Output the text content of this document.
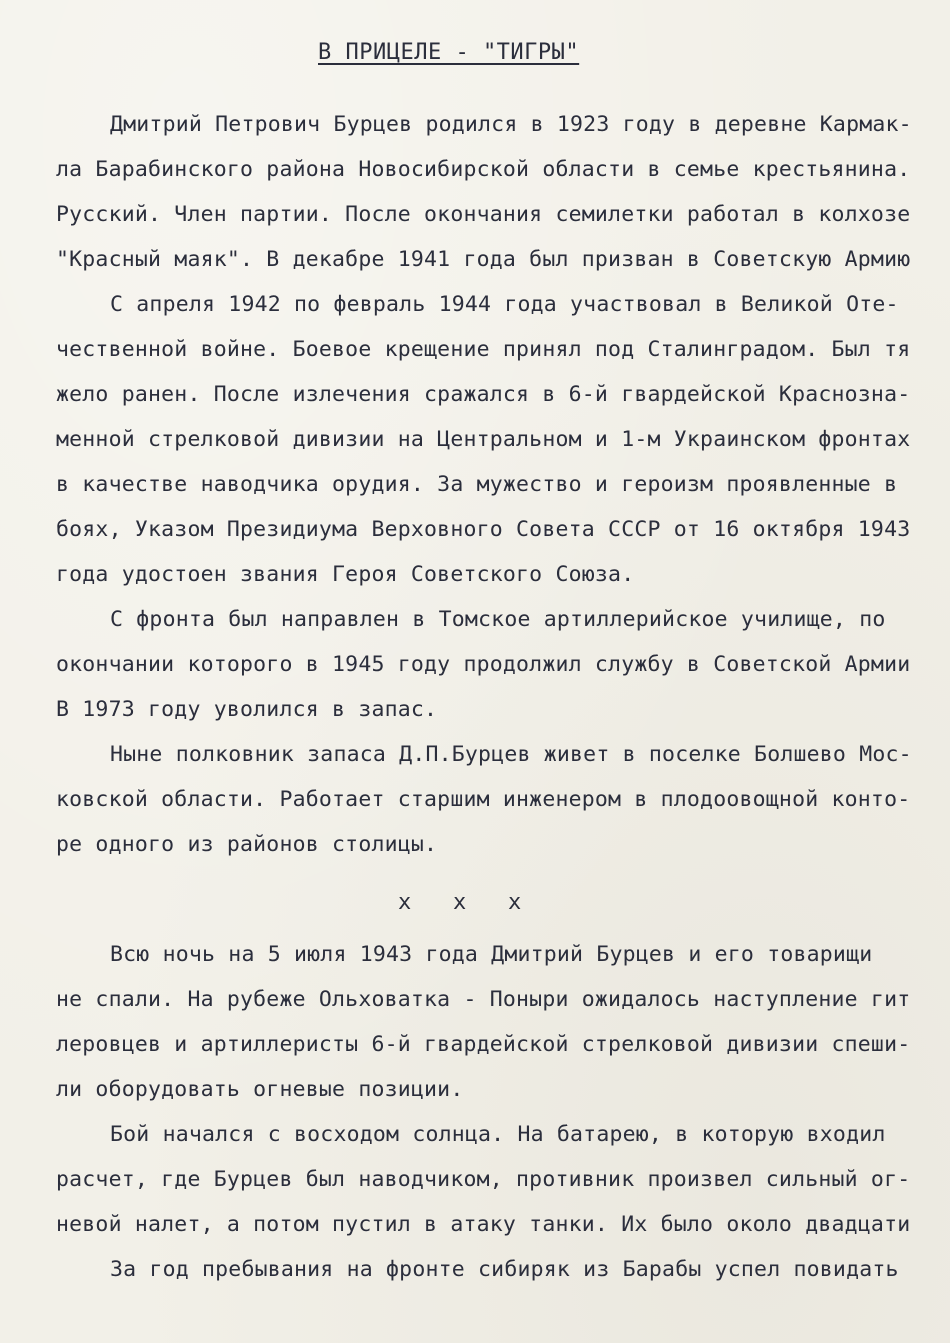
В ПРИЦЕЛЕ - "ТИГРЫ"
Дмитрий Петрович Бурцев родился в 1923 году в деревне Кармак-
ла Барабинского района Новосибирской области в семье крестьянина.
Русский. Член партии. После окончания семилетки работал в колхозе
"Красный маяк". В декабре 1941 года был призван в Советскую Армию
С апреля 1942 по февраль 1944 года участвовал в Великой Оте-
чественной войне. Боевое крещение принял под Сталинградом. Был тя
жело ранен. После излечения сражался в 6-й гвардейской Краснозна-
менной стрелковой дивизии на Центральном и 1-м Украинском фронтах
в качестве наводчика орудия. За мужество и героизм проявленные в
боях, Указом Президиума Верховного Совета СССР от 16 октября 1943
года удостоен звания Героя Советского Союза.
С фронта был направлен в Томское артиллерийское училище, по
окончании которого в 1945 году продолжил службу в Советской Армии
В 1973 году уволился в запас.
Ныне полковник запаса Д.П.Бурцев живет в поселке Болшево Мос-
ковской области. Работает старшим инженером в плодоовощной конто-
ре одного из районов столицы.
х   х   х
Всю ночь на 5 июля 1943 года Дмитрий Бурцев и его товарищи
не спали. На рубеже Ольховатка - Поныри ожидалось наступление гит
леровцев и артиллеристы 6-й гвардейской стрелковой дивизии спеши-
ли оборудовать огневые позиции.
Бой начался с восходом солнца. На батарею, в которую входил
расчет, где Бурцев был наводчиком, противник произвел сильный ог-
невой налет, а потом пустил в атаку танки. Их было около двадцати
За год пребывания на фронте сибиряк из Барабы успел повидать
